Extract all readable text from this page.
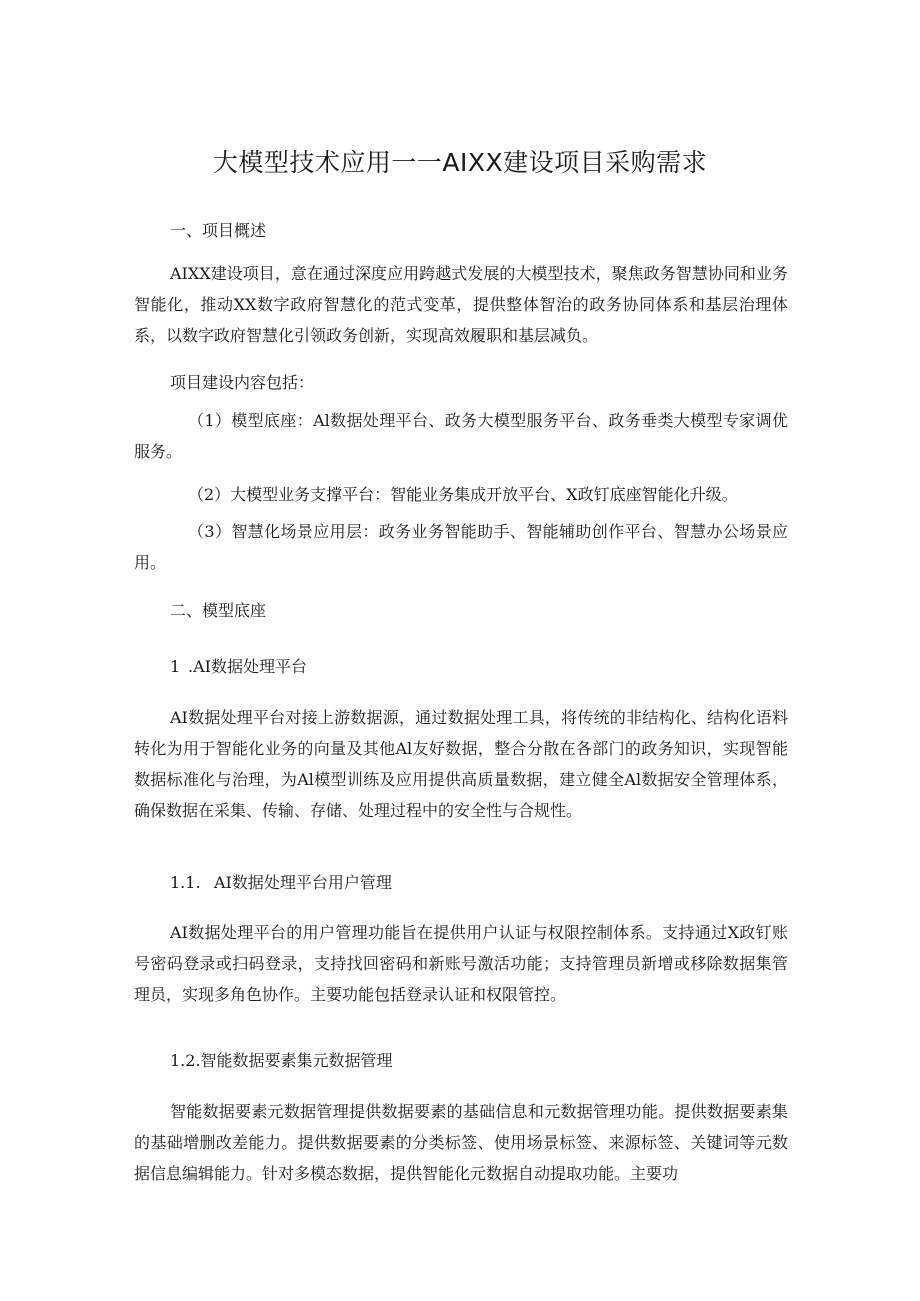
大模型技术应用一一AIXX建设项目采购需求
一、项目概述

AIXX建设项目，意在通过深度应用跨越式发展的大模型技术，聚焦政务智慧协同和业务智能化，推动XX数字政府智慧化的范式变革，提供整体智治的政务协同体系和基层治理体系，以数字政府智慧化引领政务创新，实现高效履职和基层减负。

项目建设内容包括：

（1）模型底座：Al数据处理平台、政务大模型服务平台、政务垂类大模型专家调优服务。

（2）大模型业务支撑平台：智能业务集成开放平台、X政钉底座智能化升级。

（3）智慧化场景应用层：政务业务智能助手、智能辅助创作平台、智慧办公场景应用。

二、模型底座
1 .AI数据处理平台

AI数据处理平台对接上游数据源，通过数据处理工具，将传统的非结构化、结构化语料转化为用于智能化业务的向量及其他Al友好数据，整合分散在各部门的政务知识，实现智能数据标准化与治理，为Al模型训练及应用提供高质量数据，建立健全Al数据安全管理体系，确保数据在采集、传输、存储、处理过程中的安全性与合规性。

1.1. AI数据处理平台用户管理

AI数据处理平台的用户管理功能旨在提供用户认证与权限控制体系。支持通过X政钉账号密码登录或扫码登录，支持找回密码和新账号激活功能；支持管理员新增或移除数据集管理员，实现多角色协作。主要功能包括登录认证和权限管控。

1.2.智能数据要素集元数据管理

智能数据要素元数据管理提供数据要素的基础信息和元数据管理功能。提供数据要素集的基础增删改差能力。提供数据要素的分类标签、使用场景标签、来源标签、关键词等元数据信息编辑能力。针对多模态数据，提供智能化元数据自动提取功能。主要功
